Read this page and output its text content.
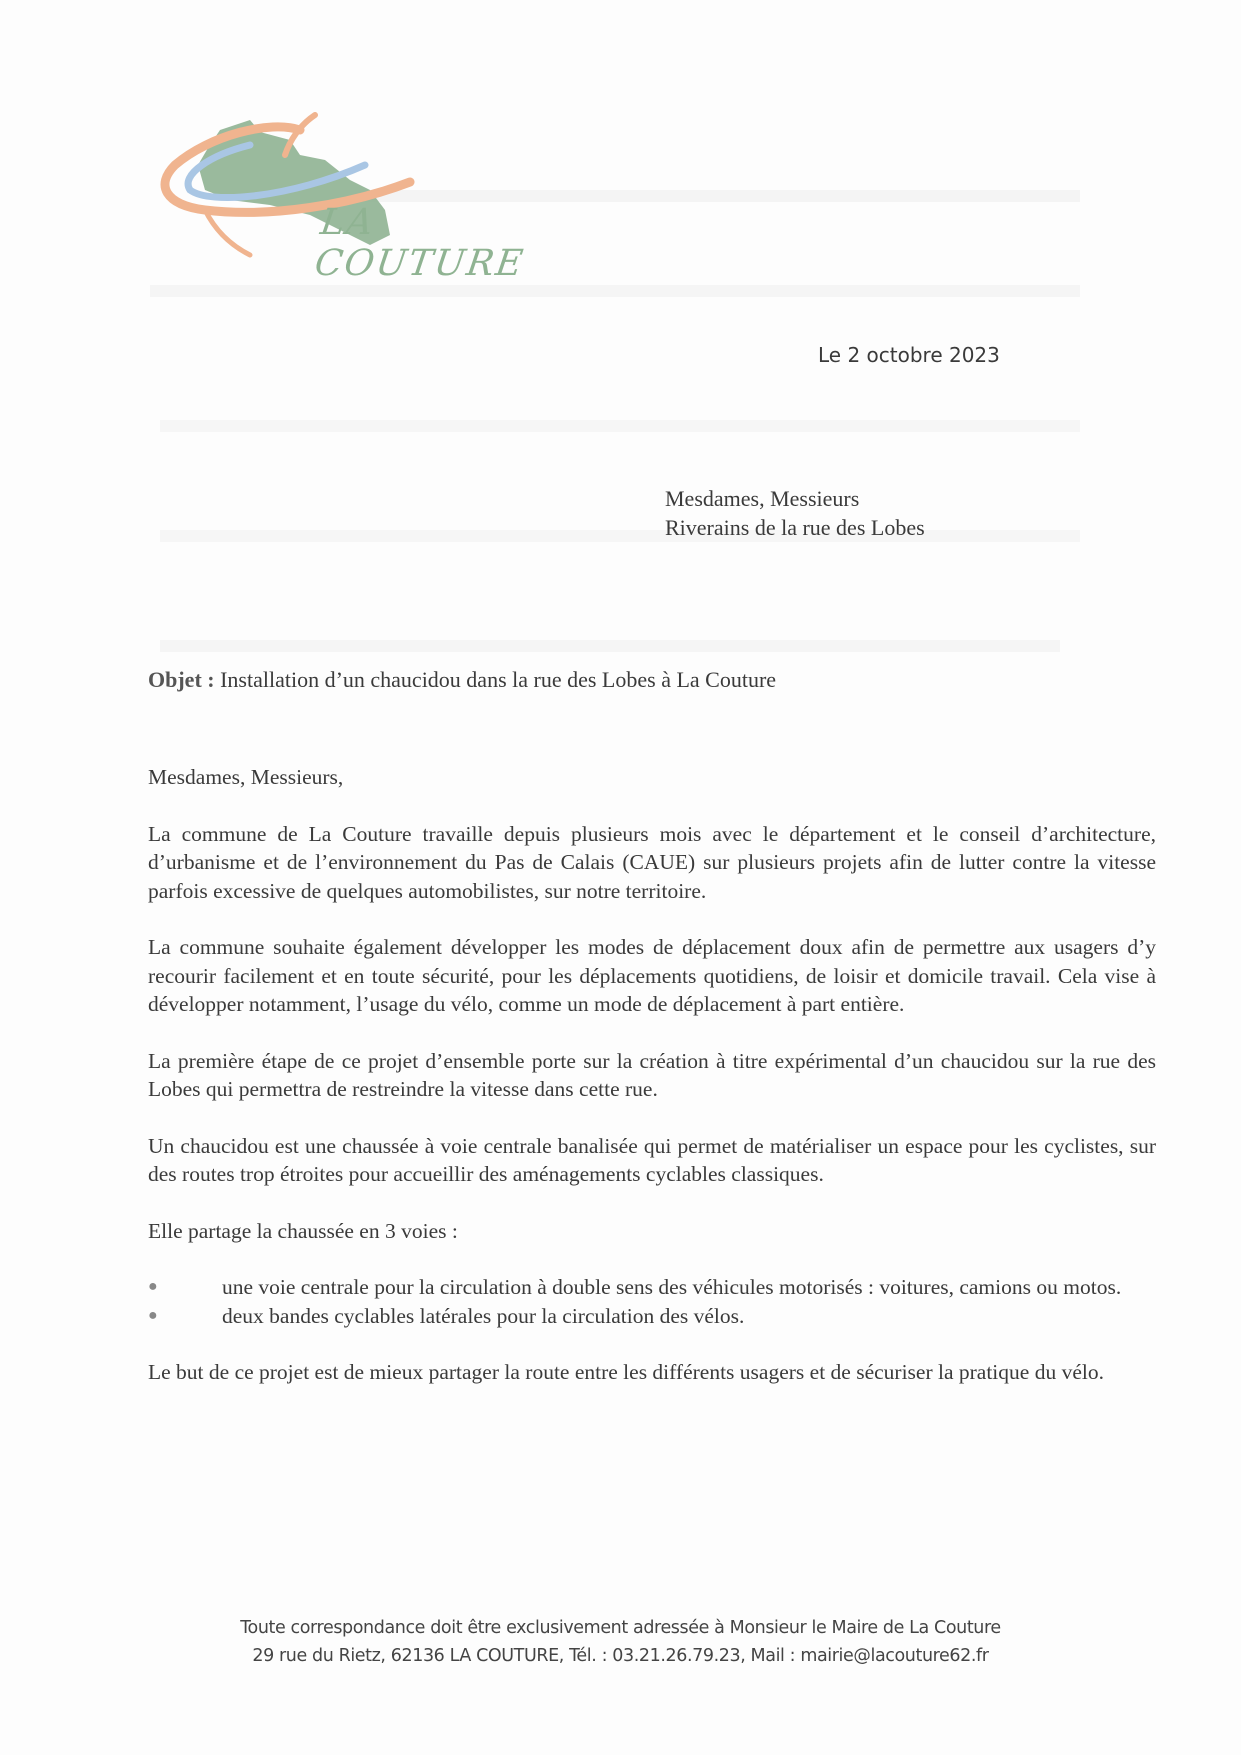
LA COUTURE
Le 2 octobre 2023
Mesdames, Messieurs
Riverains de la rue des Lobes
Objet : Installation d’un chaucidou dans la rue des Lobes à La Couture

Mesdames, Messieurs,

La commune de La Couture travaille depuis plusieurs mois avec le département et le conseil d’architecture, d’urbanisme et de l’environnement du Pas de Calais (CAUE) sur plusieurs projets afin de lutter contre la vitesse parfois excessive de quelques automobilistes, sur notre territoire.

La commune souhaite également développer les modes de déplacement doux afin de permettre aux usagers d’y recourir facilement et en toute sécurité, pour les déplacements quotidiens, de loisir et domicile travail. Cela vise à développer notamment, l’usage du vélo, comme un mode de déplacement à part entière.

La première étape de ce projet d’ensemble porte sur la création à titre expérimental d’un chaucidou sur la rue des Lobes qui permettra de restreindre la vitesse dans cette rue.

Un chaucidou est une chaussée à voie centrale banalisée qui permet de matérialiser un espace pour les cyclistes, sur des routes trop étroites pour accueillir des aménagements cyclables classiques.

Elle partage la chaussée en 3 voies :

●	une voie centrale pour la circulation à double sens des véhicules motorisés : voitures, camions ou motos.
●	deux bandes cyclables latérales pour la circulation des vélos.

Le but de ce projet est de mieux partager la route entre les différents usagers et de sécuriser la pratique du vélo.

Toute correspondance doit être exclusivement adressée à Monsieur le Maire de La Couture
29 rue du Rietz, 62136 LA COUTURE, Tél. : 03.21.26.79.23, Mail : mairie@lacouture62.fr
